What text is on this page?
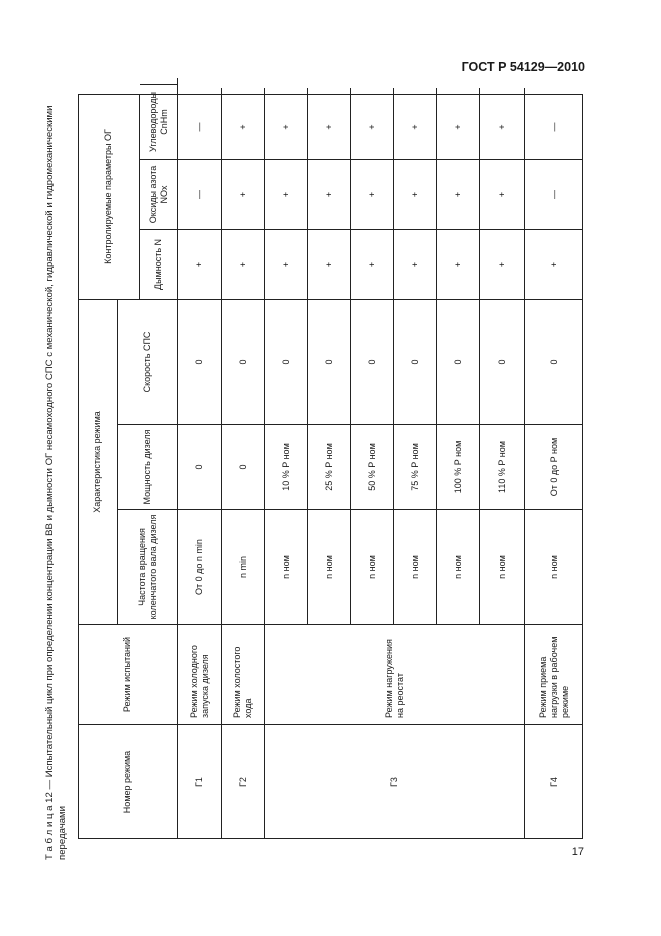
ГОСТ Р 54129—2010
Т а б л и ц а 12 — Испытательный цикл при определении концентрации ВВ и дымности ОГ несамоходного СПС с механической, гидравлической и гидромеханическими передачами
Номер режима
Режим испытаний
Характеристика режима
Частота вращения коленчатого вала дизеля
Мощность дизеля
Скорость СПС
Контролируемые параметры ОГ
Дымность N
Оксиды азота NOx
Углеводороды CnHm
Г1
Режим холодного запуска дизеля
Г2
Режим холостого хода
Г3
Режим нагружения на реостат
Г4
Режим приема нагрузки в рабочем режиме
От 0 до n min
0
0
+
—
—
n min
0
0
+
+
+
n ном
10 % P ном
0
+
+
+
n ном
25 % P ном
0
+
+
+
n ном
50 % P ном
0
+
+
+
n ном
75 % P ном
0
+
+
+
n ном
100 % P ном
0
+
+
+
n ном
110 % P ном
0
+
+
+
n ном
От 0 до P ном
0
+
—
—
17
